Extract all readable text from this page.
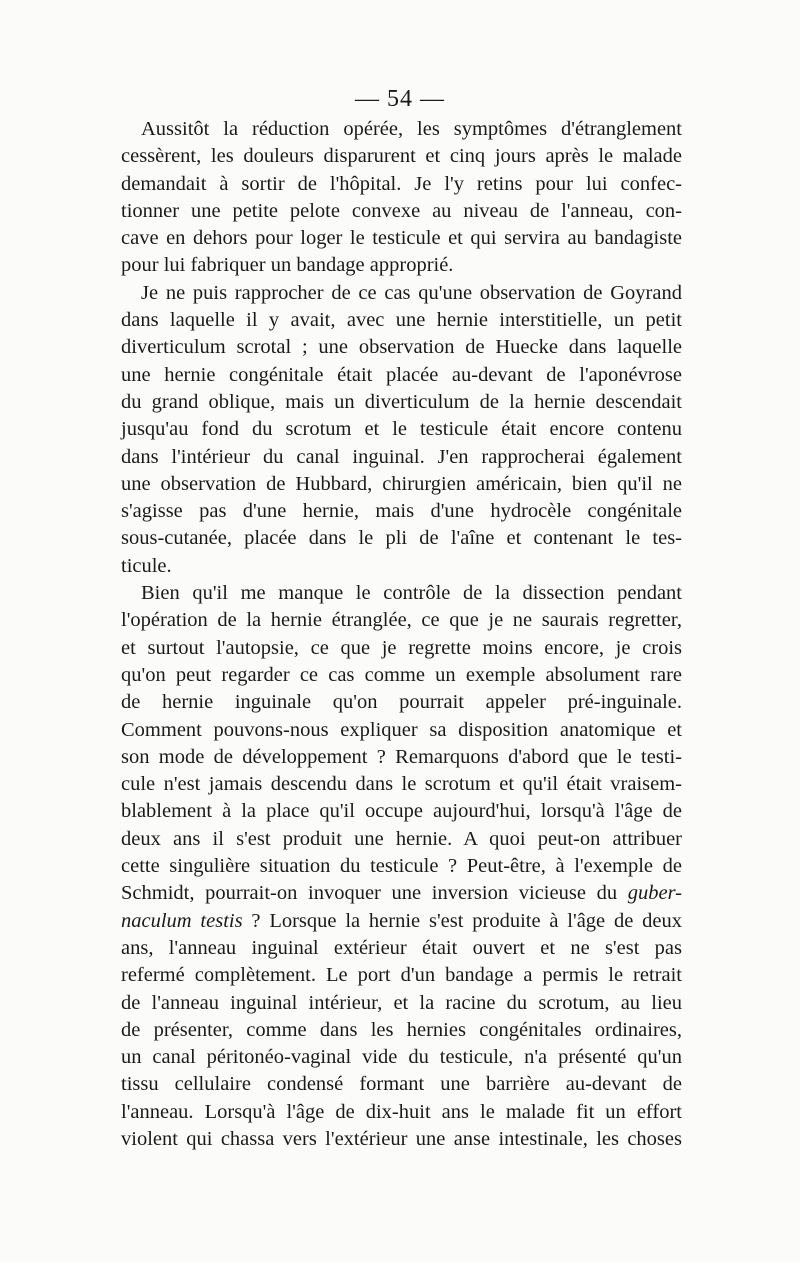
— 54 —
Aussitôt la réduction opérée, les symptômes d'étranglement
cessèrent, les douleurs disparurent et cinq jours après le malade
demandait à sortir de l'hôpital. Je l'y retins pour lui confec-
tionner une petite pelote convexe au niveau de l'anneau, con-
cave en dehors pour loger le testicule et qui servira au bandagiste
pour lui fabriquer un bandage approprié.
Je ne puis rapprocher de ce cas qu'une observation de Goyrand
dans laquelle il y avait, avec une hernie interstitielle, un petit
diverticulum scrotal ; une observation de Huecke dans laquelle
une hernie congénitale était placée au-devant de l'aponévrose
du grand oblique, mais un diverticulum de la hernie descendait
jusqu'au fond du scrotum et le testicule était encore contenu
dans l'intérieur du canal inguinal. J'en rapprocherai également
une observation de Hubbard, chirurgien américain, bien qu'il ne
s'agisse pas d'une hernie, mais d'une hydrocèle congénitale
sous-cutanée, placée dans le pli de l'aîne et contenant le tes-
ticule.
Bien qu'il me manque le contrôle de la dissection pendant
l'opération de la hernie étranglée, ce que je ne saurais regretter,
et surtout l'autopsie, ce que je regrette moins encore, je crois
qu'on peut regarder ce cas comme un exemple absolument rare
de hernie inguinale qu'on pourrait appeler pré-inguinale.
Comment pouvons-nous expliquer sa disposition anatomique et
son mode de développement ? Remarquons d'abord que le testi-
cule n'est jamais descendu dans le scrotum et qu'il était vraisem-
blablement à la place qu'il occupe aujourd'hui, lorsqu'à l'âge de
deux ans il s'est produit une hernie. A quoi peut-on attribuer
cette singulière situation du testicule ? Peut-être, à l'exemple de
Schmidt, pourrait-on invoquer une inversion vicieuse du guber-
naculum testis ? Lorsque la hernie s'est produite à l'âge de deux
ans, l'anneau inguinal extérieur était ouvert et ne s'est pas
refermé complètement. Le port d'un bandage a permis le retrait
de l'anneau inguinal intérieur, et la racine du scrotum, au lieu
de présenter, comme dans les hernies congénitales ordinaires,
un canal péritonéo-vaginal vide du testicule, n'a présenté qu'un
tissu cellulaire condensé formant une barrière au-devant de
l'anneau. Lorsqu'à l'âge de dix-huit ans le malade fit un effort
violent qui chassa vers l'extérieur une anse intestinale, les choses
